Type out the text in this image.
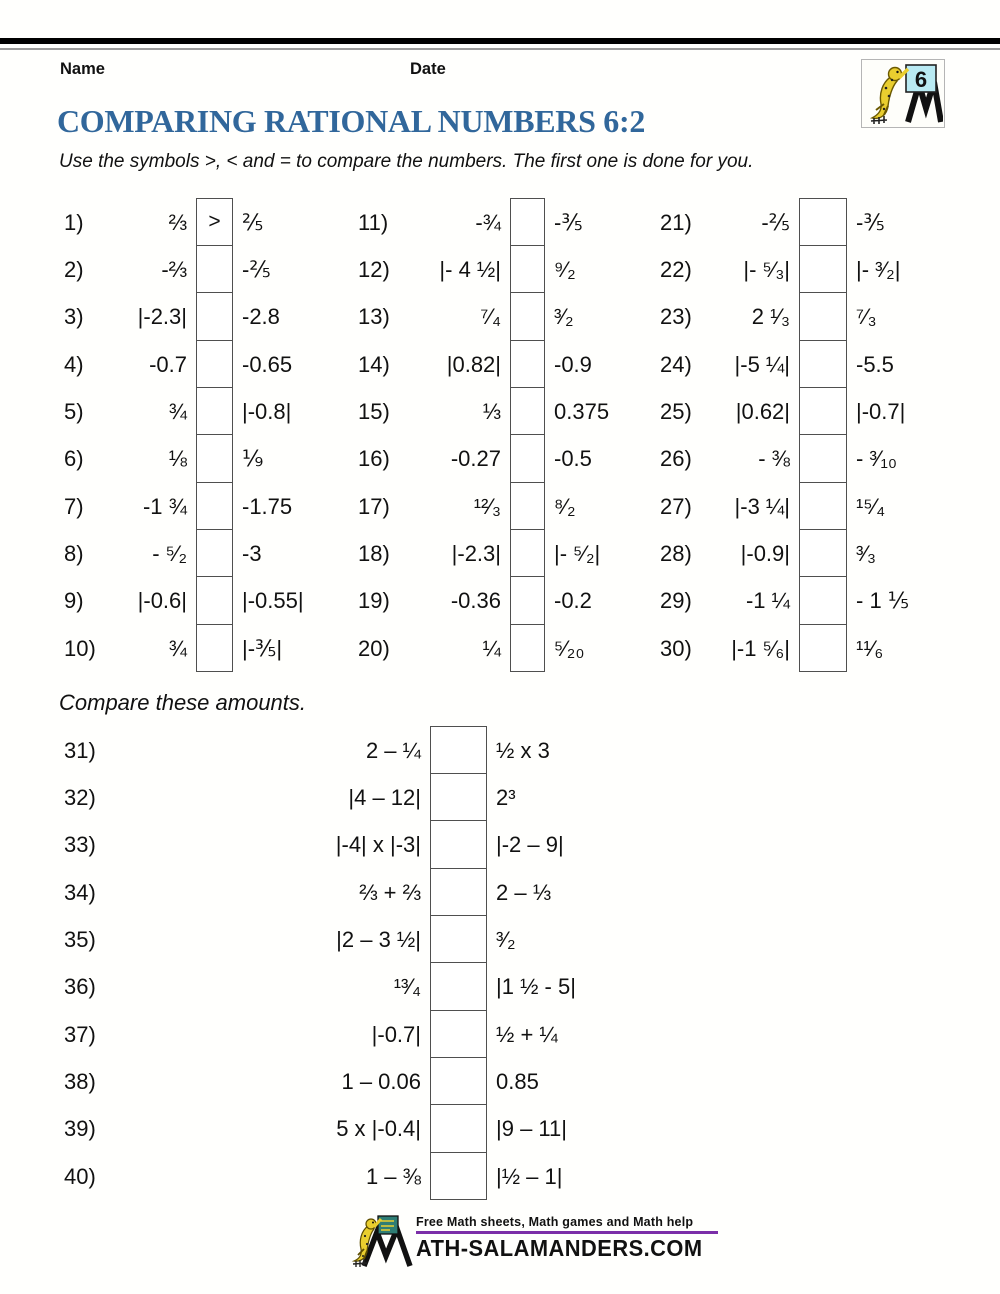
Name	Date	6
COMPARING RATIONAL NUMBERS 6:2
Use the symbols >, < and = to compare the numbers. The first one is done for you.
1)	⅔	> ⅖
2)	-⅔	-⅖
3)	|-2.3|	-2.8
4)	-0.7	-0.65
5)	¾	|-0.8|
6)	⅛	⅑
7)	-1 ¾	-1.75
8)	- ⁵⁄₂	-3
9)	|-0.6|	|-0.55|
10)	¾	|-⅗|
11)	-¾	-⅗
12)	|- 4 ½|	⁹⁄₂
13)	⁷⁄₄	³⁄₂
14)	|0.82|	-0.9
15)	⅓	0.375
16)	-0.27	-0.5
17)	¹²⁄₃	⁸⁄₂
18)	|-2.3|	|- ⁵⁄₂|
19)	-0.36	-0.2
20)	¼	⁵⁄₂₀
21)	-⅖	-⅗
22)	|- ⁵⁄₃|	|- ³⁄₂|
23)	2 ¹⁄₃	⁷⁄₃
24)	|-5 ¼|	-5.5
25)	|0.62|	|-0.7|
26)	- ⅜	- ³⁄₁₀
27)	|-3 ¼|	¹⁵⁄₄
28)	|-0.9|	³⁄₃
29)	-1 ¼	- 1 ⅕
30)	|-1 ⁵⁄₆|	¹¹⁄₆
Compare these amounts.
31)	2 – ¼	½ x 3
32)	|4 – 12|	2³
33)	|-4| x |-3|	|-2 – 9|
34)	⅔ + ⅔	2 – ⅓
35)	|2 – 3 ½|	³⁄₂
36)	¹³⁄₄	|1 ½ - 5|
37)	|-0.7|	½ + ¼
38)	1 – 0.06	0.85
39)	5 x |-0.4|	|9 – 11|
40)	1 – ⅜	|½ – 1|
Free Math sheets, Math games and Math help
ATH-SALAMANDERS.COM
